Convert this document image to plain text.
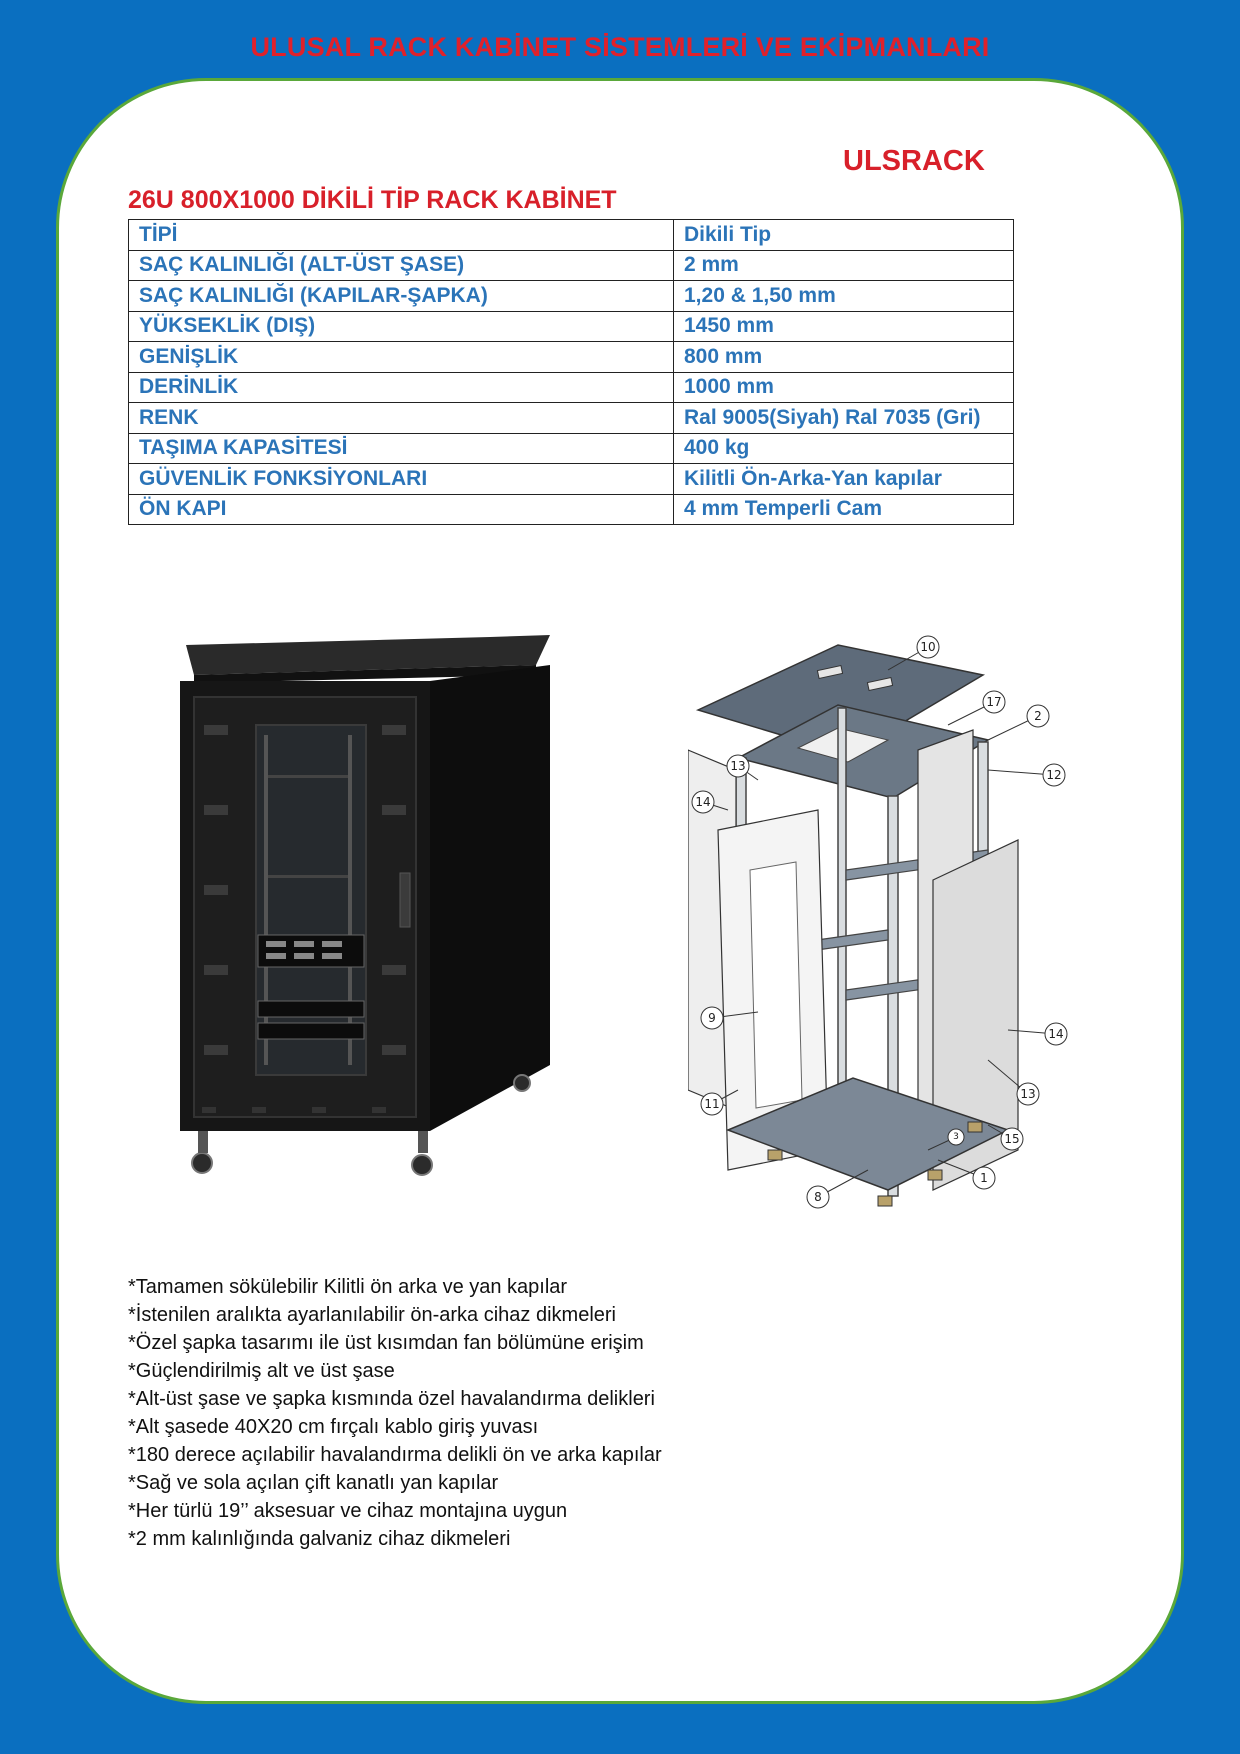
ULUSAL RACK KABİNET SİSTEMLERİ VE EKİPMANLARI
ULSRACK
26U 800X1000 DİKİLİ TİP RACK KABİNET
TİPİ	Dikili Tip
SAÇ KALINLIĞI (ALT-ÜST ŞASE)	2 mm
SAÇ KALINLIĞI (KAPILAR-ŞAPKA)	1,20 & 1,50 mm
YÜKSEKLİK (DIŞ)	1450 mm
GENİŞLİK	800 mm
DERİNLİK	1000 mm
RENK	Ral 9005(Siyah) Ral 7035 (Gri)
TAŞIMA KAPASİTESİ	400 kg
GÜVENLİK FONKSİYONLARI	Kilitli Ön-Arka-Yan kapılar
ÖN KAPI	4 mm Temperli Cam
10
17
2
12
13
14
9
11
14
13
15
3
1
8
*Tamamen sökülebilir Kilitli ön arka ve yan kapılar
*İstenilen aralıkta ayarlanılabilir ön-arka cihaz dikmeleri
*Özel şapka tasarımı ile üst kısımdan fan bölümüne erişim
*Güçlendirilmiş alt ve üst şase
*Alt-üst şase ve şapka kısmında özel havalandırma delikleri
*Alt şasede 40X20 cm fırçalı kablo giriş yuvası
*180 derece açılabilir havalandırma delikli ön ve arka kapılar
*Sağ ve sola açılan çift kanatlı yan kapılar
*Her türlü 19’’ aksesuar ve cihaz montajına uygun
*2 mm kalınlığında galvaniz cihaz dikmeleri
